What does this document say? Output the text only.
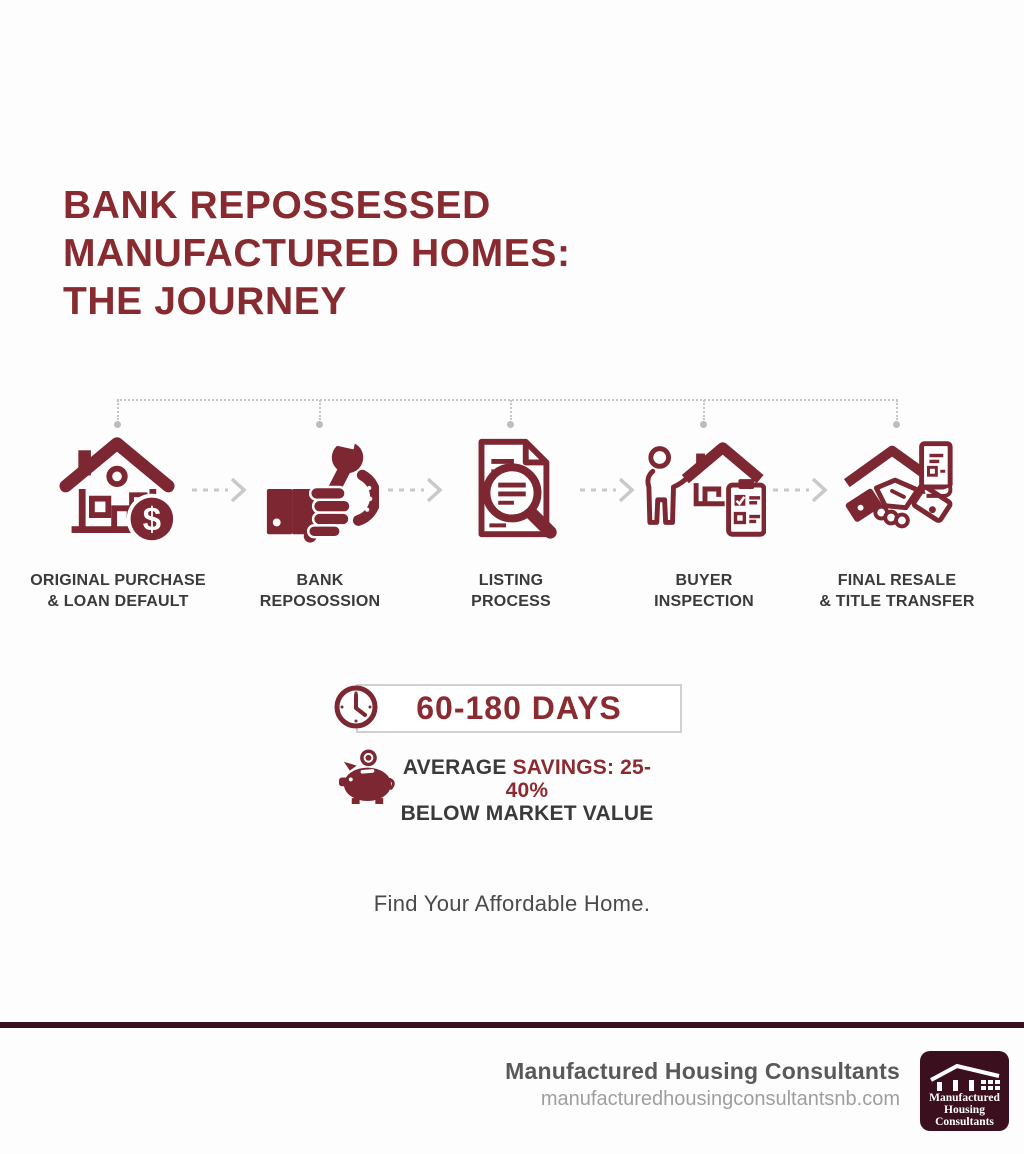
BANK REPOSSESSED
MANUFACTURED HOMES:
THE JOURNEY
$
ORIGINAL PURCHASE
& LOAN DEFAULT
BANK
REPOSOSSION
LISTING
PROCESS
BUYER
INSPECTION
FINAL RESALE
& TITLE TRANSFER
60-180 DAYS
AVERAGE SAVINGS: 25-40%
BELOW MARKET VALUE
Find Your Affordable Home.
Manufactured Housing Consultants
manufacturedhousingconsultantsnb.com	Manufactured
Housing
Consultants
